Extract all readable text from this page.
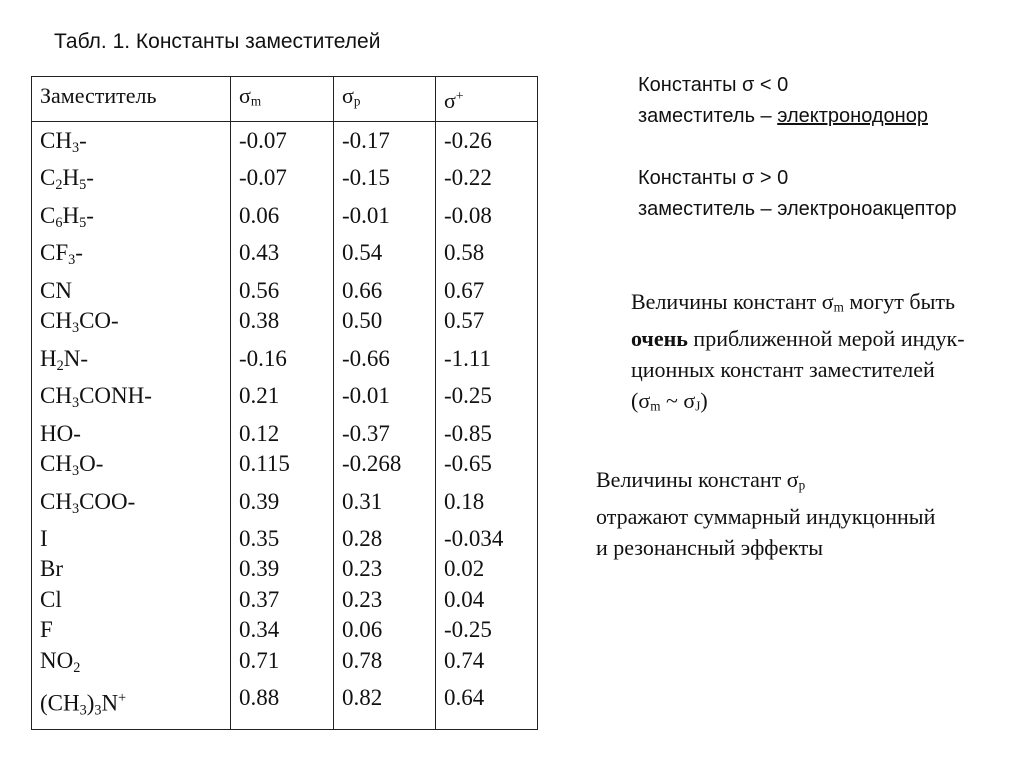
Табл. 1. Константы заместителей
Заместитель	σm	σp	σ+
$CH_3-$	-0.07	-0.17	-0.26
$C_2H_5-$	-0.07	-0.15	-0.22
$C_6H_5-$	0.06	-0.01	-0.08
$CF_3-$	0.43	0.54	0.58
CN	0.56	0.66	0.67
$CH_3CO-$	0.38	0.50	0.57
$H_2N-$	-0.16	-0.66	-1.11
$CH_3CONH-$	0.21	-0.01	-0.25
HO-	0.12	-0.37	-0.85
$CH_3O-$	0.115	-0.268	-0.65
$CH_3COO-$	0.39	0.31	0.18
I	0.35	0.28	-0.034
Br	0.39	0.23	0.02
Cl	0.37	0.23	0.04
F	0.34	0.06	-0.25
$NO_2$	0.71	0.78	0.74
$(CH_3)_3N^+$	0.88	0.82	0.64
Константы σ < 0
заместитель – электронодонор
Константы σ > 0
заместитель – электроноакцептор
Величины констант σm могут быть
очень приближенной мерой индук-
ционных констант заместителей
(σm ~ σJ)
Величины констант σp
отражают суммарный индукцонный
и резонансный эффекты
